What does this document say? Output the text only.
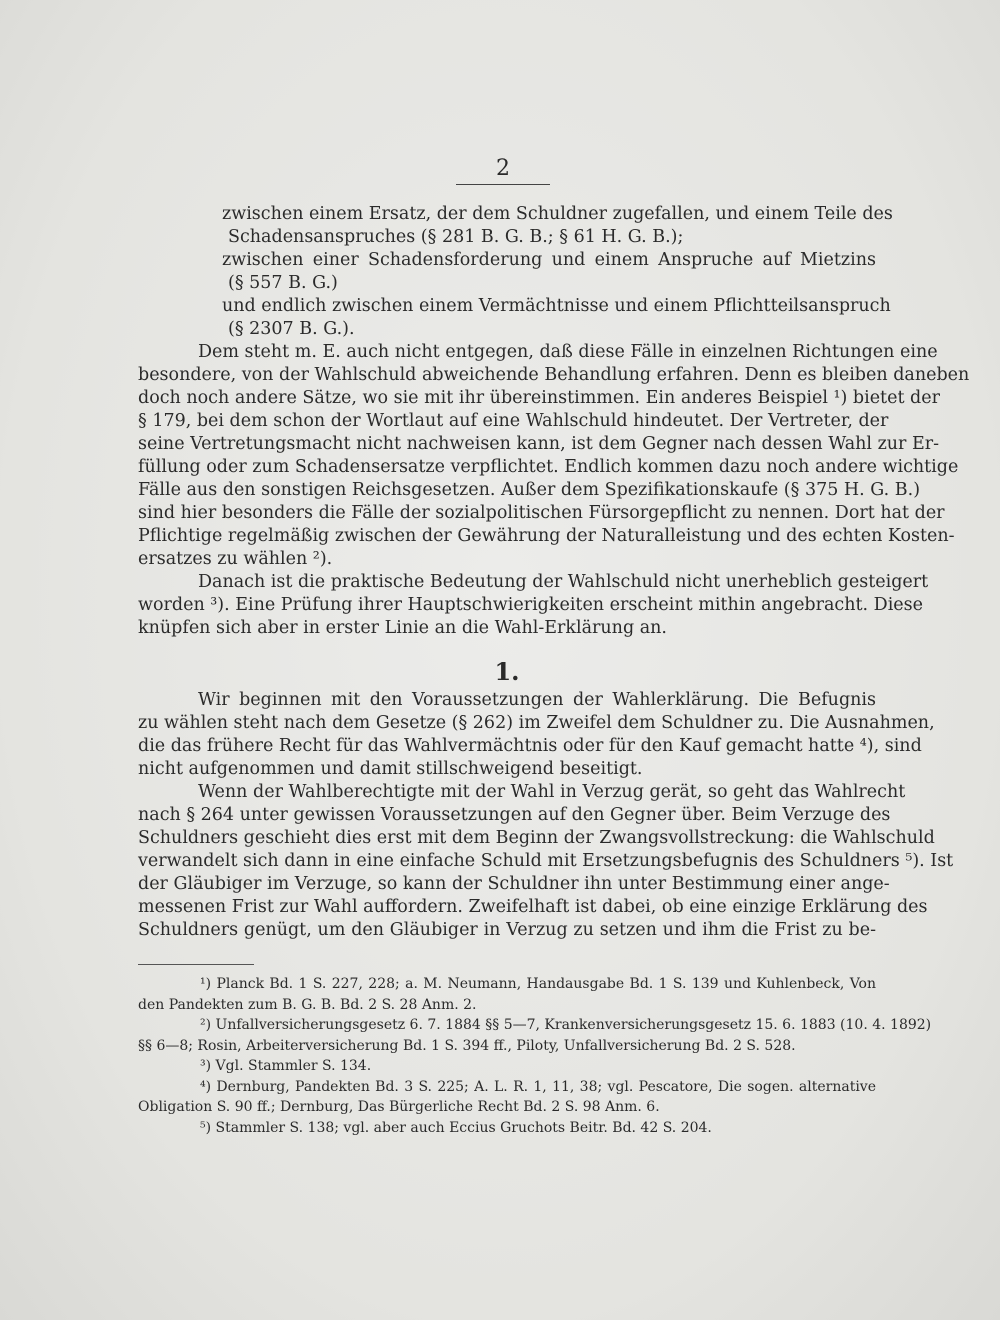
2
zwischen einem Ersatz, der dem Schuldner zugefallen, und einem Teile des
Schadensanspruches (§ 281 B. G. B.; § 61 H. G. B.);
zwischen einer Schadensforderung und einem Anspruche auf Mietzins
(§ 557 B. G.)
und endlich zwischen einem Vermächtnisse und einem Pflichtteilsanspruch
(§ 2307 B. G.).
Dem steht m. E. auch nicht entgegen, daß diese Fälle in einzelnen Richtungen eine
besondere, von der Wahlschuld abweichende Behandlung erfahren. Denn es bleiben daneben
doch noch andere Sätze, wo sie mit ihr übereinstimmen. Ein anderes Beispiel ¹) bietet der
§ 179, bei dem schon der Wortlaut auf eine Wahlschuld hindeutet. Der Vertreter, der
seine Vertretungsmacht nicht nachweisen kann, ist dem Gegner nach dessen Wahl zur Er-
füllung oder zum Schadensersatze verpflichtet. Endlich kommen dazu noch andere wichtige
Fälle aus den sonstigen Reichsgesetzen. Außer dem Spezifikationskaufe (§ 375 H. G. B.)
sind hier besonders die Fälle der sozialpolitischen Fürsorgepflicht zu nennen. Dort hat der
Pflichtige regelmäßig zwischen der Gewährung der Naturalleistung und des echten Kosten-
ersatzes zu wählen ²).
Danach ist die praktische Bedeutung der Wahlschuld nicht unerheblich gesteigert
worden ³). Eine Prüfung ihrer Hauptschwierigkeiten erscheint mithin angebracht. Diese
knüpfen sich aber in erster Linie an die Wahl-Erklärung an.
1.
Wir beginnen mit den Voraussetzungen der Wahlerklärung. Die Befugnis
zu wählen steht nach dem Gesetze (§ 262) im Zweifel dem Schuldner zu. Die Ausnahmen,
die das frühere Recht für das Wahlvermächtnis oder für den Kauf gemacht hatte ⁴), sind
nicht aufgenommen und damit stillschweigend beseitigt.
Wenn der Wahlberechtigte mit der Wahl in Verzug gerät, so geht das Wahlrecht
nach § 264 unter gewissen Voraussetzungen auf den Gegner über. Beim Verzuge des
Schuldners geschieht dies erst mit dem Beginn der Zwangsvollstreckung: die Wahlschuld
verwandelt sich dann in eine einfache Schuld mit Ersetzungsbefugnis des Schuldners ⁵). Ist
der Gläubiger im Verzuge, so kann der Schuldner ihn unter Bestimmung einer ange-
messenen Frist zur Wahl auffordern. Zweifelhaft ist dabei, ob eine einzige Erklärung des
Schuldners genügt, um den Gläubiger in Verzug zu setzen und ihm die Frist zu be-
¹) Planck Bd. 1 S. 227, 228; a. M. Neumann, Handausgabe Bd. 1 S. 139 und Kuhlenbeck, Von
den Pandekten zum B. G. B. Bd. 2 S. 28 Anm. 2.
²) Unfallversicherungsgesetz 6. 7. 1884 §§ 5—7, Krankenversicherungsgesetz 15. 6. 1883 (10. 4. 1892)
§§ 6—8; Rosin, Arbeiterversicherung Bd. 1 S. 394 ff., Piloty, Unfallversicherung Bd. 2 S. 528.
³) Vgl. Stammler S. 134.
⁴) Dernburg, Pandekten Bd. 3 S. 225; A. L. R. 1, 11, 38; vgl. Pescatore, Die sogen. alternative
Obligation S. 90 ff.; Dernburg, Das Bürgerliche Recht Bd. 2 S. 98 Anm. 6.
⁵) Stammler S. 138; vgl. aber auch Eccius Gruchots Beitr. Bd. 42 S. 204.
